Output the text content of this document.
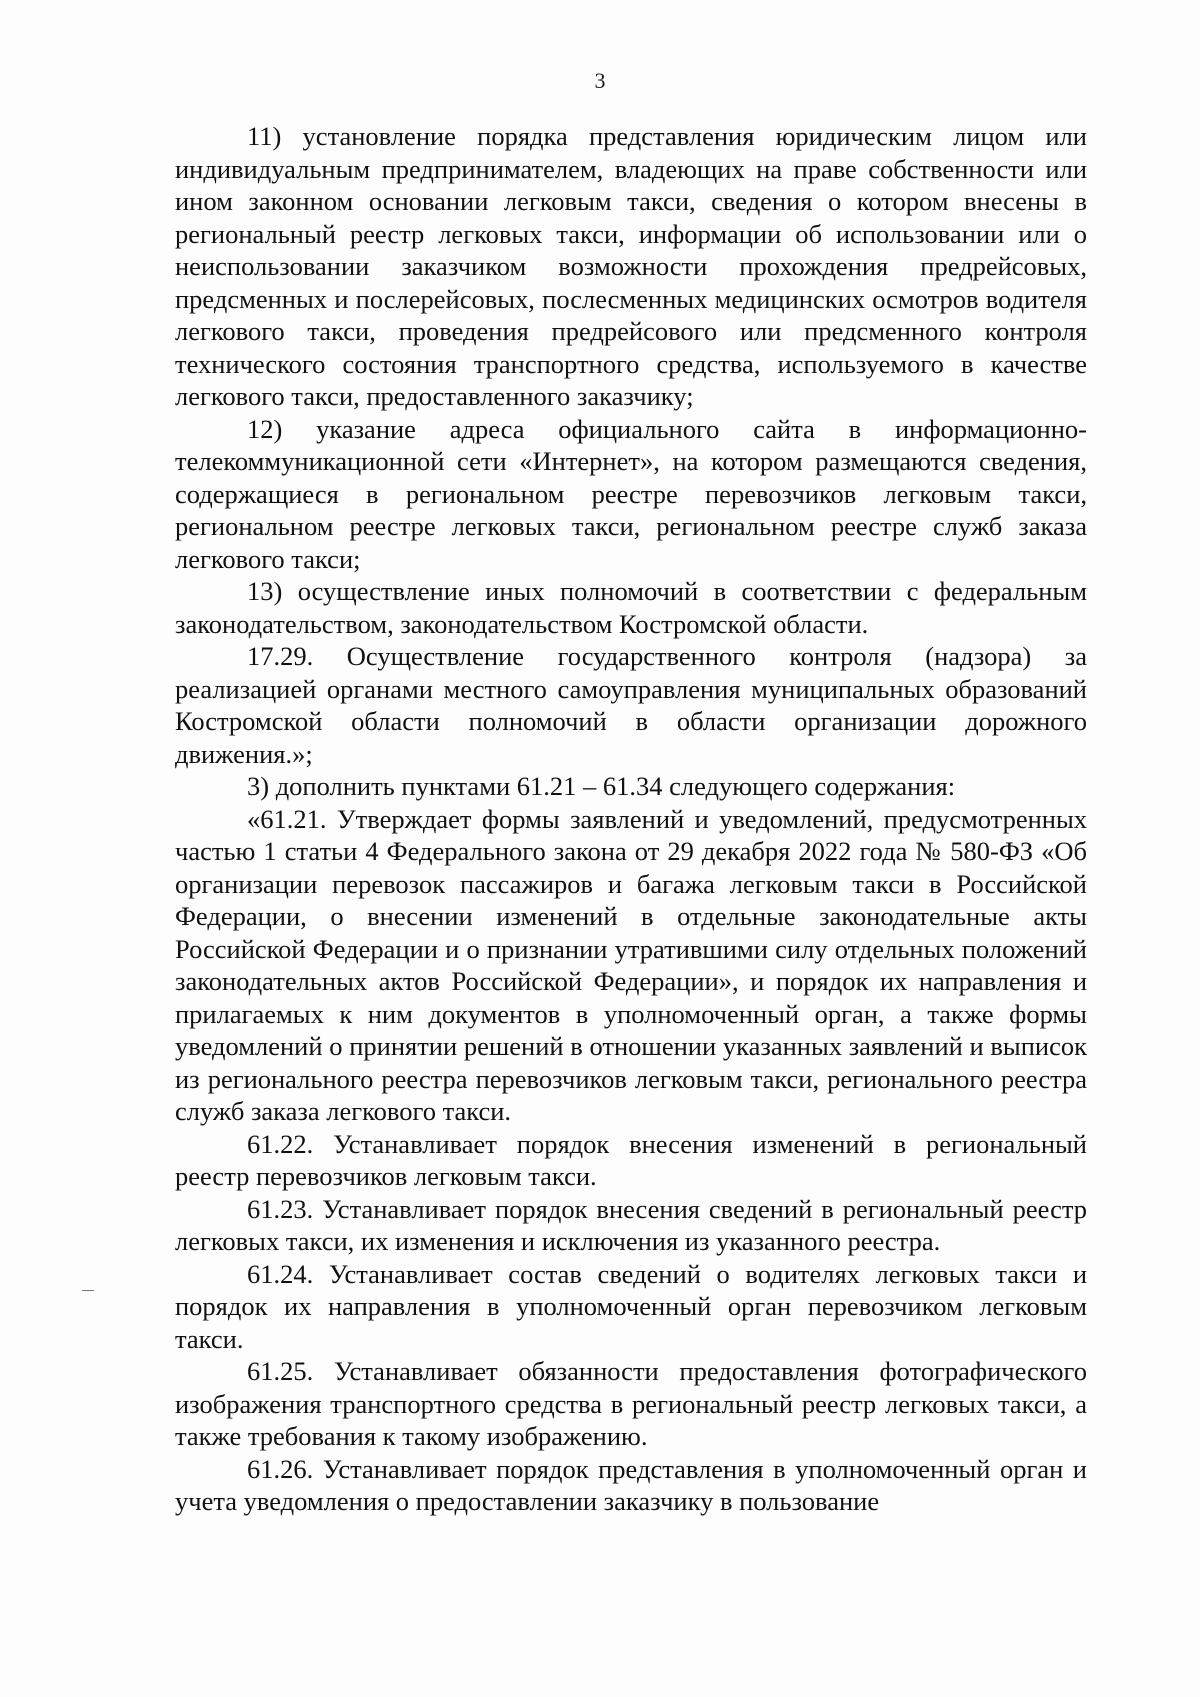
3

11) установление порядка представления юридическим лицом или индивидуальным предпринимателем, владеющих на праве собственности или ином законном основании легковым такси, сведения о котором внесены в региональный реестр легковых такси, информации об использовании или о неиспользовании заказчиком возможности прохождения предрейсовых, предсменных и послерейсовых, послесменных медицинских осмотров водителя легкового такси, проведения предрейсового или предсменного контроля технического состояния транспортного средства, используемого в качестве легкового такси, предоставленного заказчику;

12) указание адреса официального сайта в информационно-телекоммуникационной сети «Интернет», на котором размещаются сведения, содержащиеся в региональном реестре перевозчиков легковым такси, региональном реестре легковых такси, региональном реестре служб заказа легкового такси;

13) осуществление иных полномочий в соответствии с федеральным законодательством, законодательством Костромской области.

17.29. Осуществление государственного контроля (надзора) за реализацией органами местного самоуправления муниципальных образований Костромской области полномочий в области организации дорожного движения.»;

3) дополнить пунктами 61.21 – 61.34 следующего содержания:

«61.21. Утверждает формы заявлений и уведомлений, предусмотренных частью 1 статьи 4 Федерального закона от 29 декабря 2022 года № 580-ФЗ «Об организации перевозок пассажиров и багажа легковым такси в Российской Федерации, о внесении изменений в отдельные законодательные акты Российской Федерации и о признании утратившими силу отдельных положений законодательных актов Российской Федерации», и порядок их направления и прилагаемых к ним документов в уполномоченный орган, а также формы уведомлений о принятии решений в отношении указанных заявлений и выписок из регионального реестра перевозчиков легковым такси, регионального реестра служб заказа легкового такси.

61.22. Устанавливает порядок внесения изменений в региональный реестр перевозчиков легковым такси.

61.23. Устанавливает порядок внесения сведений в региональный реестр легковых такси, их изменения и исключения из указанного реестра.

61.24. Устанавливает состав сведений о водителях легковых такси и порядок их направления в уполномоченный орган перевозчиком легковым такси.

61.25. Устанавливает обязанности предоставления фотографического изображения транспортного средства в региональный реестр легковых такси, а также требования к такому изображению.

61.26. Устанавливает порядок представления в уполномоченный орган и учета уведомления о предоставлении заказчику в пользование
